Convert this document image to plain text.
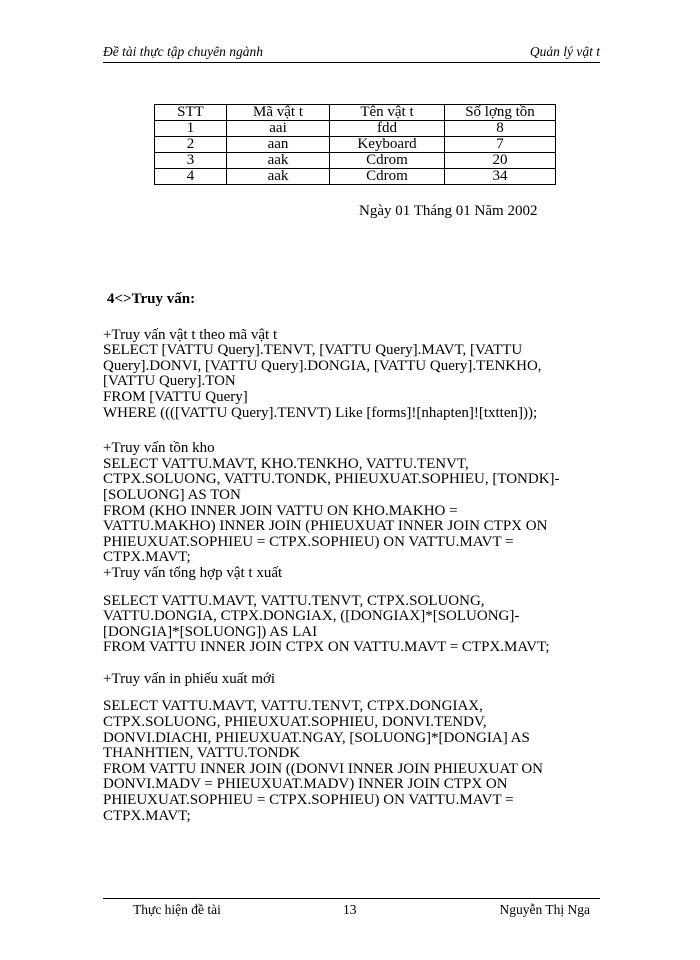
Đề tài thực tập chuyên ngành	Quản lý vật t
STT	Mã vật t	Tên vật t	Số lợng tồn
1	aai	fdd	8
2	aan	Keyboard	7
3	aak	Cdrom	20
4	aak	Cdrom	34
Ngày 01 Tháng 01 Năm 2002

4<>Truy vấn:

+Truy vấn vật t theo mã vật t

SELECT [VATTU Query].TENVT, [VATTU Query].MAVT, [VATTU

Query].DONVI, [VATTU Query].DONGIA, [VATTU Query].TENKHO,

[VATTU Query].TON

FROM [VATTU Query]

WHERE ((([VATTU Query].TENVT) Like [forms]![nhapten]![txtten]));

+Truy vấn tồn kho

SELECT VATTU.MAVT, KHO.TENKHO, VATTU.TENVT,

CTPX.SOLUONG, VATTU.TONDK, PHIEUXUAT.SOPHIEU, [TONDK]-

[SOLUONG] AS TON

FROM (KHO INNER JOIN VATTU ON KHO.MAKHO =

VATTU.MAKHO) INNER JOIN (PHIEUXUAT INNER JOIN CTPX ON

PHIEUXUAT.SOPHIEU = CTPX.SOPHIEU) ON VATTU.MAVT =

CTPX.MAVT;

+Truy vấn tổng hợp vật t xuất

SELECT VATTU.MAVT, VATTU.TENVT, CTPX.SOLUONG,

VATTU.DONGIA, CTPX.DONGIAX, ([DONGIAX]*[SOLUONG]-

[DONGIA]*[SOLUONG]) AS LAI

FROM VATTU INNER JOIN CTPX ON VATTU.MAVT = CTPX.MAVT;

+Truy vấn in phiếu xuất mới

SELECT VATTU.MAVT, VATTU.TENVT, CTPX.DONGIAX,

CTPX.SOLUONG, PHIEUXUAT.SOPHIEU, DONVI.TENDV,

DONVI.DIACHI, PHIEUXUAT.NGAY, [SOLUONG]*[DONGIA] AS

THANHTIEN, VATTU.TONDK

FROM VATTU INNER JOIN ((DONVI INNER JOIN PHIEUXUAT ON

DONVI.MADV = PHIEUXUAT.MADV) INNER JOIN CTPX ON

PHIEUXUAT.SOPHIEU = CTPX.SOPHIEU) ON VATTU.MAVT =

CTPX.MAVT;

Thực hiện đề tài	13	Nguyễn Thị Nga
